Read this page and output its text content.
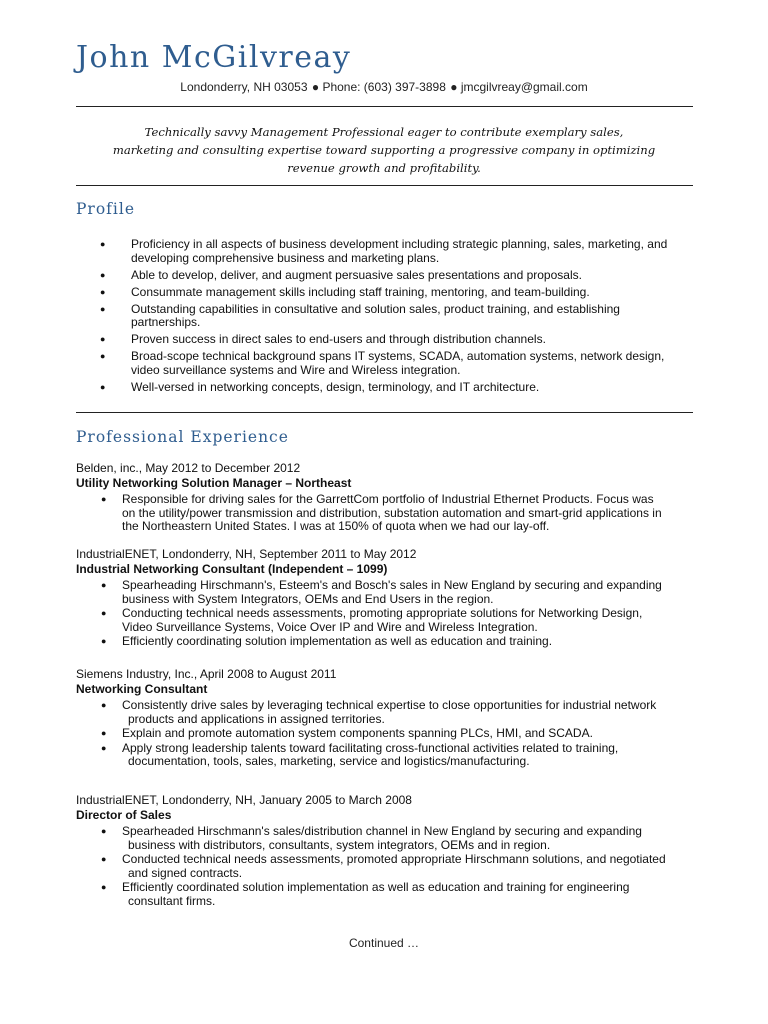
John McGilvreay
Londonderry, NH 03053 ● Phone: (603) 397-3898 ● jmcgilvreay@gmail.com
Technically savvy Management Professional eager to contribute exemplary sales,
marketing and consulting expertise toward supporting a progressive company in optimizing
revenue growth and profitability.
Profile
●	Proficiency in all aspects of business development including strategic planning, sales, marketing, and
developing comprehensive business and marketing plans.
●	Able to develop, deliver, and augment persuasive sales presentations and proposals.
●	Consummate management skills including staff training, mentoring, and team-building.
●	Outstanding capabilities in consultative and solution sales, product training, and establishing
partnerships.
●	Proven success in direct sales to end-users and through distribution channels.
●	Broad-scope technical background spans IT systems, SCADA, automation systems, network design,
video surveillance systems and Wire and Wireless integration.
●	Well-versed in networking concepts, design, terminology, and IT architecture.
Professional Experience
Belden, inc., May 2012 to December 2012
Utility Networking Solution Manager – Northeast
●	Responsible for driving sales for the GarrettCom portfolio of Industrial Ethernet Products. Focus was
on the utility/power transmission and distribution, substation automation and smart-grid applications in
the Northeastern United States. I was at 150% of quota when we had our lay-off.
IndustrialENET, Londonderry, NH, September 2011 to May 2012
Industrial Networking Consultant (Independent – 1099)
●	Spearheading Hirschmann's, Esteem's and Bosch's sales in New England by securing and expanding
business with System Integrators, OEMs and End Users in the region.
●	Conducting technical needs assessments, promoting appropriate solutions for Networking Design,
Video Surveillance Systems, Voice Over IP and Wire and Wireless Integration.
●	Efficiently coordinating solution implementation as well as education and training.
Siemens Industry, Inc., April 2008 to August 2011
Networking Consultant
●	Consistently drive sales by leveraging technical expertise to close opportunities for industrial network
products and applications in assigned territories.
●	Explain and promote automation system components spanning PLCs, HMI, and SCADA.
●	Apply strong leadership talents toward facilitating cross-functional activities related to training,
documentation, tools, sales, marketing, service and logistics/manufacturing.
IndustrialENET, Londonderry, NH, January 2005 to March 2008
Director of Sales
●	Spearheaded Hirschmann's sales/distribution channel in New England by securing and expanding
business with distributors, consultants, system integrators, OEMs and in region.
●	Conducted technical needs assessments, promoted appropriate Hirschmann solutions, and negotiated
and signed contracts.
●	Efficiently coordinated solution implementation as well as education and training for engineering
consultant firms.
Continued …
